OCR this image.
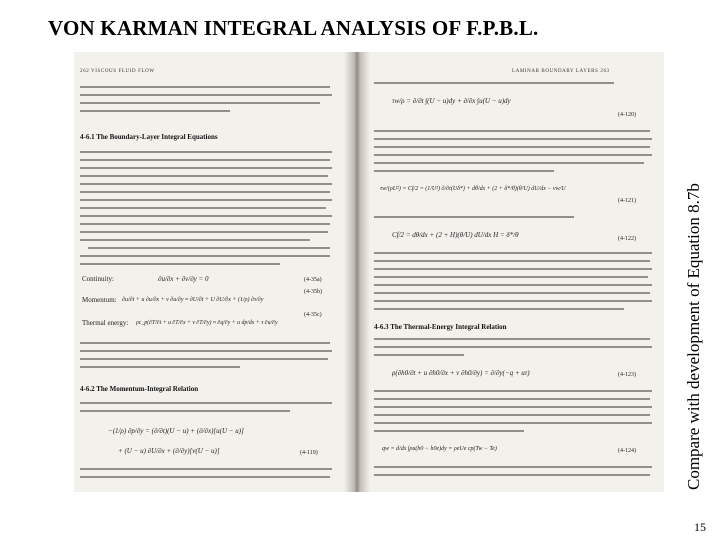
VON KARMAN INTEGRAL ANALYSIS OF F.P.B.L.
262 VISCOUS FLUID FLOW
4-6.1 The Boundary-Layer Integral Equations
Continuity:	∂u/∂x + ∂v/∂y = 0	(4-35a)
Momentum: ∂u/∂t + u ∂u/∂x + v ∂u/∂y ≈ ∂U/∂t + U ∂U/∂x + (1/ρ) ∂τ/∂y
(4-35b)
Thermal energy: ρc_p(∂T/∂t + u ∂T/∂x + v ∂T/∂y) ≈ ∂q/∂y + u dp/dx + τ ∂u/∂y
(4-35c)
4-6.2 The Momentum-Integral Relation
−(1/ρ) ∂p/∂y = (∂/∂t)(U − u) + (∂/∂x)[u(U − u)]
+ (U − u) ∂U/∂x + (∂/∂y)[v(U − u)]	(4-119)
LAMINAR BOUNDARY LAYERS 263
τw/ρ = ∂/∂t ∫(U − u)dy + ∂/∂x ∫u(U − u)dy
(4-120)
τw/(ρU²) = Cf/2 = (1/U²) ∂/∂t(Uδ*) + dθ/dx + (2 + δ*/θ)(θ/U) dU/dx − vw/U
(4-121)
Cf/2 = dθ/dx + (2 + H)(θ/U) dU/dx H = δ*/θ	(4-122)
4-6.3 The Thermal-Energy Integral Relation
ρ(∂h0/∂t + u ∂h0/∂x + v ∂h0/∂y) = ∂/∂y(−q + uτ)	(4-123)
qw = d/dx ∫ρu(h0 − h0e)dy = ρeUe cp(Tw − Te)	(4-124)	Compare with development of Equation 8.7b
15
